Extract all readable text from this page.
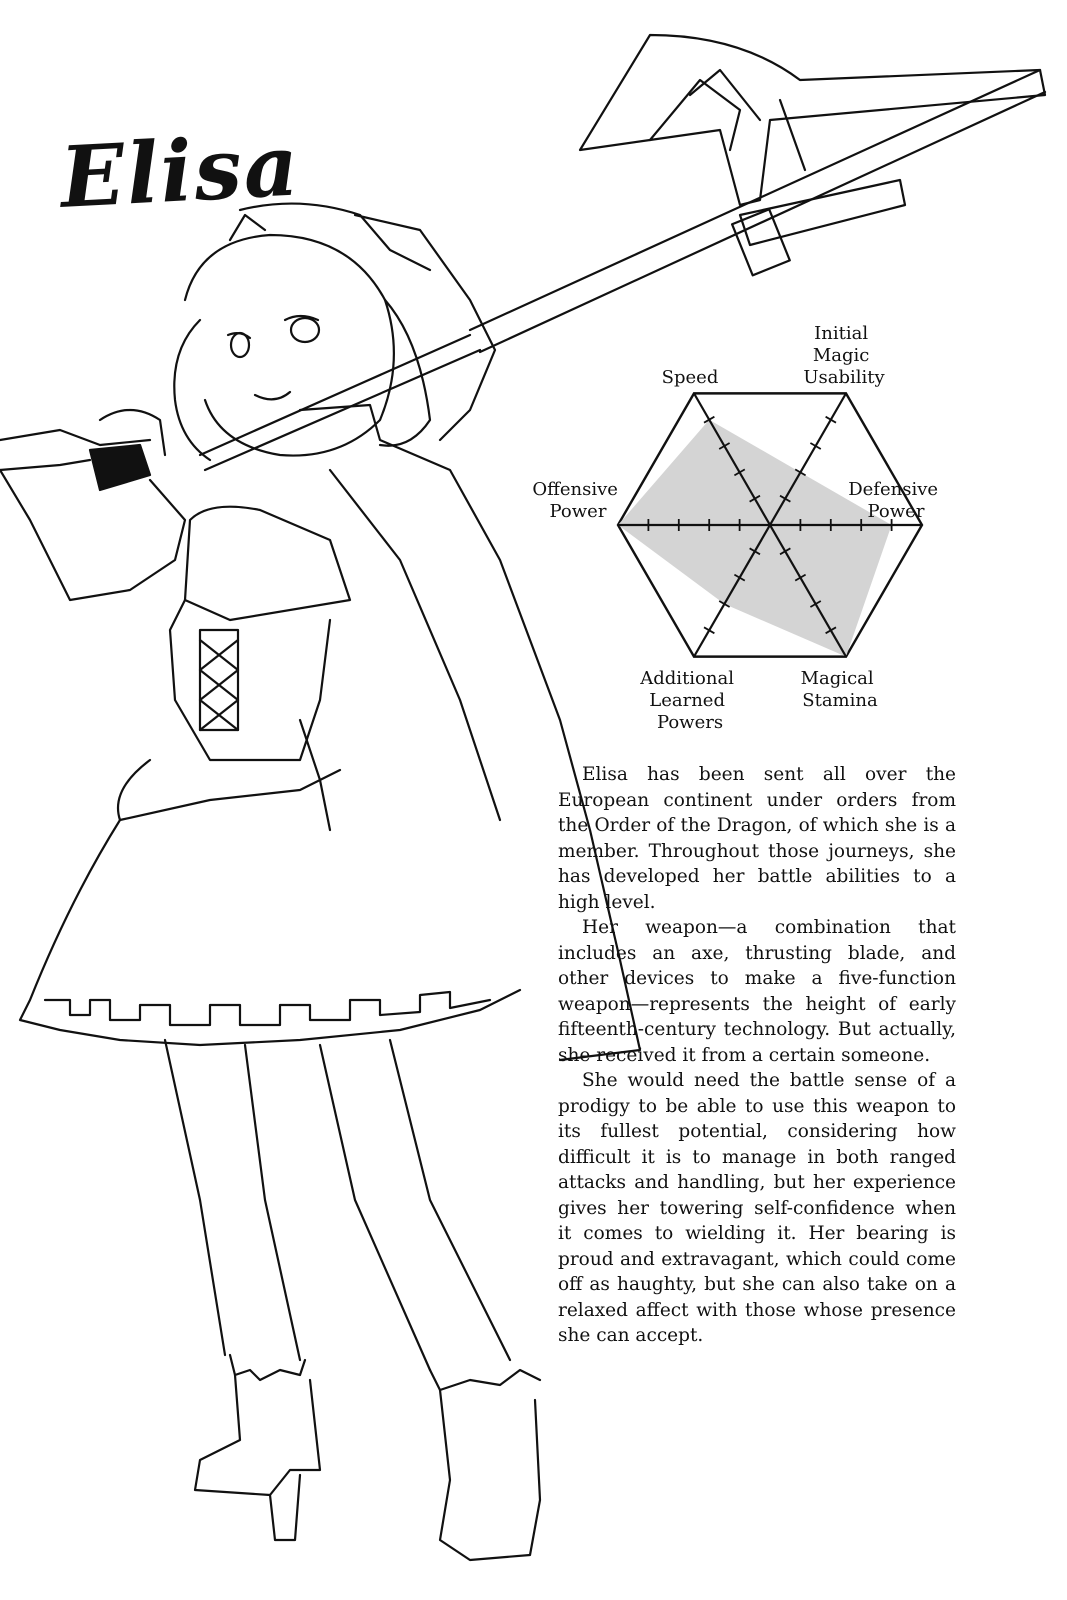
Elisa
Speed
Initial Magic Usability
Defensive Power
Magical Stamina
Additional Learned Powers
Offensive Power

Elisa has been sent all over the European continent under orders from the Order of the Dragon, of which she is a member. Throughout those journeys, she has developed her battle abilities to a high level.

Her weapon—a combination that includes an axe, thrusting blade, and other devices to make a five-function weapon—represents the height of early fifteenth-century technology. But actually, she received it from a certain someone.

She would need the battle sense of a prodigy to be able to use this weapon to its fullest potential, considering how difficult it is to manage in both ranged attacks and handling, but her experience gives her towering self-confidence when it comes to wielding it. Her bearing is proud and extravagant, which could come off as haughty, but she can also take on a relaxed affect with those whose presence she can accept.
